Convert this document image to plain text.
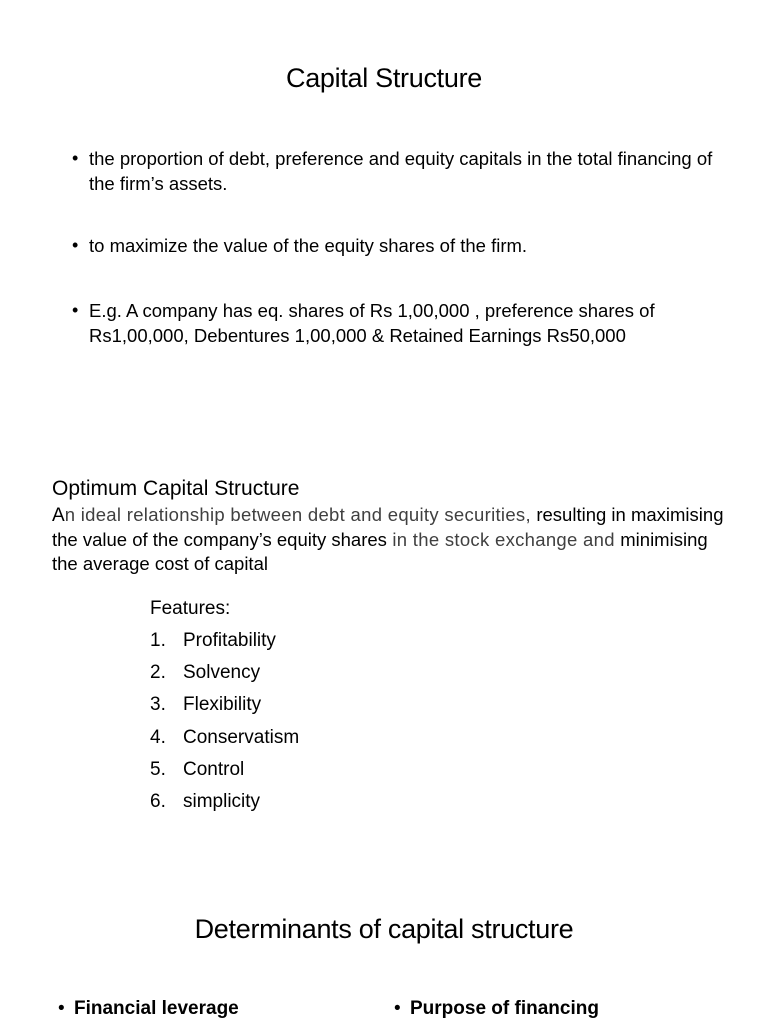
Capital Structure
• the proportion of debt, preference and equity capitals in the total financing of the firm’s assets.
• to maximize the value of the equity shares of the firm.
• E.g. A company has eq. shares of Rs 1,00,000 , preference shares of Rs1,00,000, Debentures 1,00,000 & Retained Earnings Rs50,000
Optimum Capital Structure
An ideal relationship between debt and equity securities, resulting in maximising the value of the company’s equity shares in the stock exchange and minimising the average cost of capital
Features:
1. Profitability
2. Solvency
3. Flexibility
4. Conservatism
5. Control
6. simplicity
Determinants of capital structure
• Financial leverage
•	Purpose of financing
